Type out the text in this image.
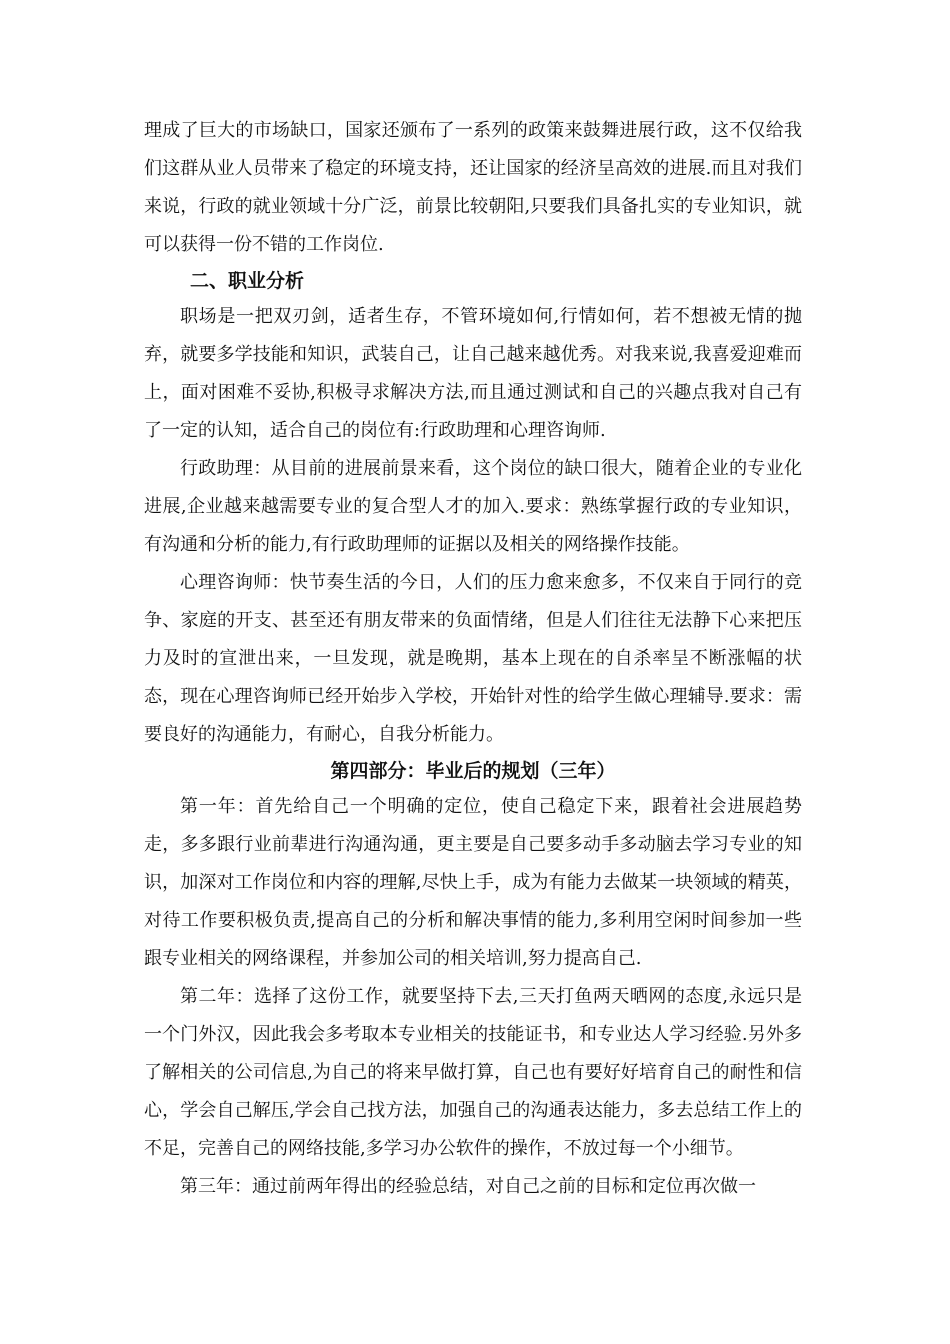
理成了巨大的市场缺口，国家还颁布了一系列的政策来鼓舞进展行政，这不仅给我们这群从业人员带来了稳定的环境支持，还让国家的经济呈高效的进展.而且对我们来说，行政的就业领域十分广泛，前景比较朝阳,只要我们具备扎实的专业知识，就可以获得一份不错的工作岗位.

二、职业分析

职场是一把双刃剑，适者生存，不管环境如何,行情如何，若不想被无情的抛弃，就要多学技能和知识，武装自己，让自己越来越优秀。对我来说,我喜爱迎难而上，面对困难不妥协,积极寻求解决方法,而且通过测试和自己的兴趣点我对自己有了一定的认知，适合自己的岗位有:行政助理和心理咨询师.

行政助理：从目前的进展前景来看，这个岗位的缺口很大，随着企业的专业化进展,企业越来越需要专业的复合型人才的加入.要求：熟练掌握行政的专业知识，有沟通和分析的能力,有行政助理师的证据以及相关的网络操作技能。

心理咨询师：快节奏生活的今日，人们的压力愈来愈多，不仅来自于同行的竞争、家庭的开支、甚至还有朋友带来的负面情绪，但是人们往往无法静下心来把压力及时的宣泄出来，一旦发现，就是晚期，基本上现在的自杀率呈不断涨幅的状态，现在心理咨询师已经开始步入学校，开始针对性的给学生做心理辅导.要求：需要良好的沟通能力，有耐心，自我分析能力。

第四部分：毕业后的规划（三年）

第一年：首先给自己一个明确的定位，使自己稳定下来，跟着社会进展趋势走，多多跟行业前辈进行沟通沟通，更主要是自己要多动手多动脑去学习专业的知识，加深对工作岗位和内容的理解,尽快上手，成为有能力去做某一块领域的精英，对待工作要积极负责,提高自己的分析和解决事情的能力,多利用空闲时间参加一些跟专业相关的网络课程，并参加公司的相关培训,努力提高自己.

第二年：选择了这份工作，就要坚持下去,三天打鱼两天晒网的态度,永远只是一个门外汉，因此我会多考取本专业相关的技能证书，和专业达人学习经验.另外多了解相关的公司信息,为自己的将来早做打算，自己也有要好好培育自己的耐性和信心，学会自己解压,学会自己找方法，加强自己的沟通表达能力，多去总结工作上的不足，完善自己的网络技能,多学习办公软件的操作，不放过每一个小细节。

第三年：通过前两年得出的经验总结，对自己之前的目标和定位再次做一
